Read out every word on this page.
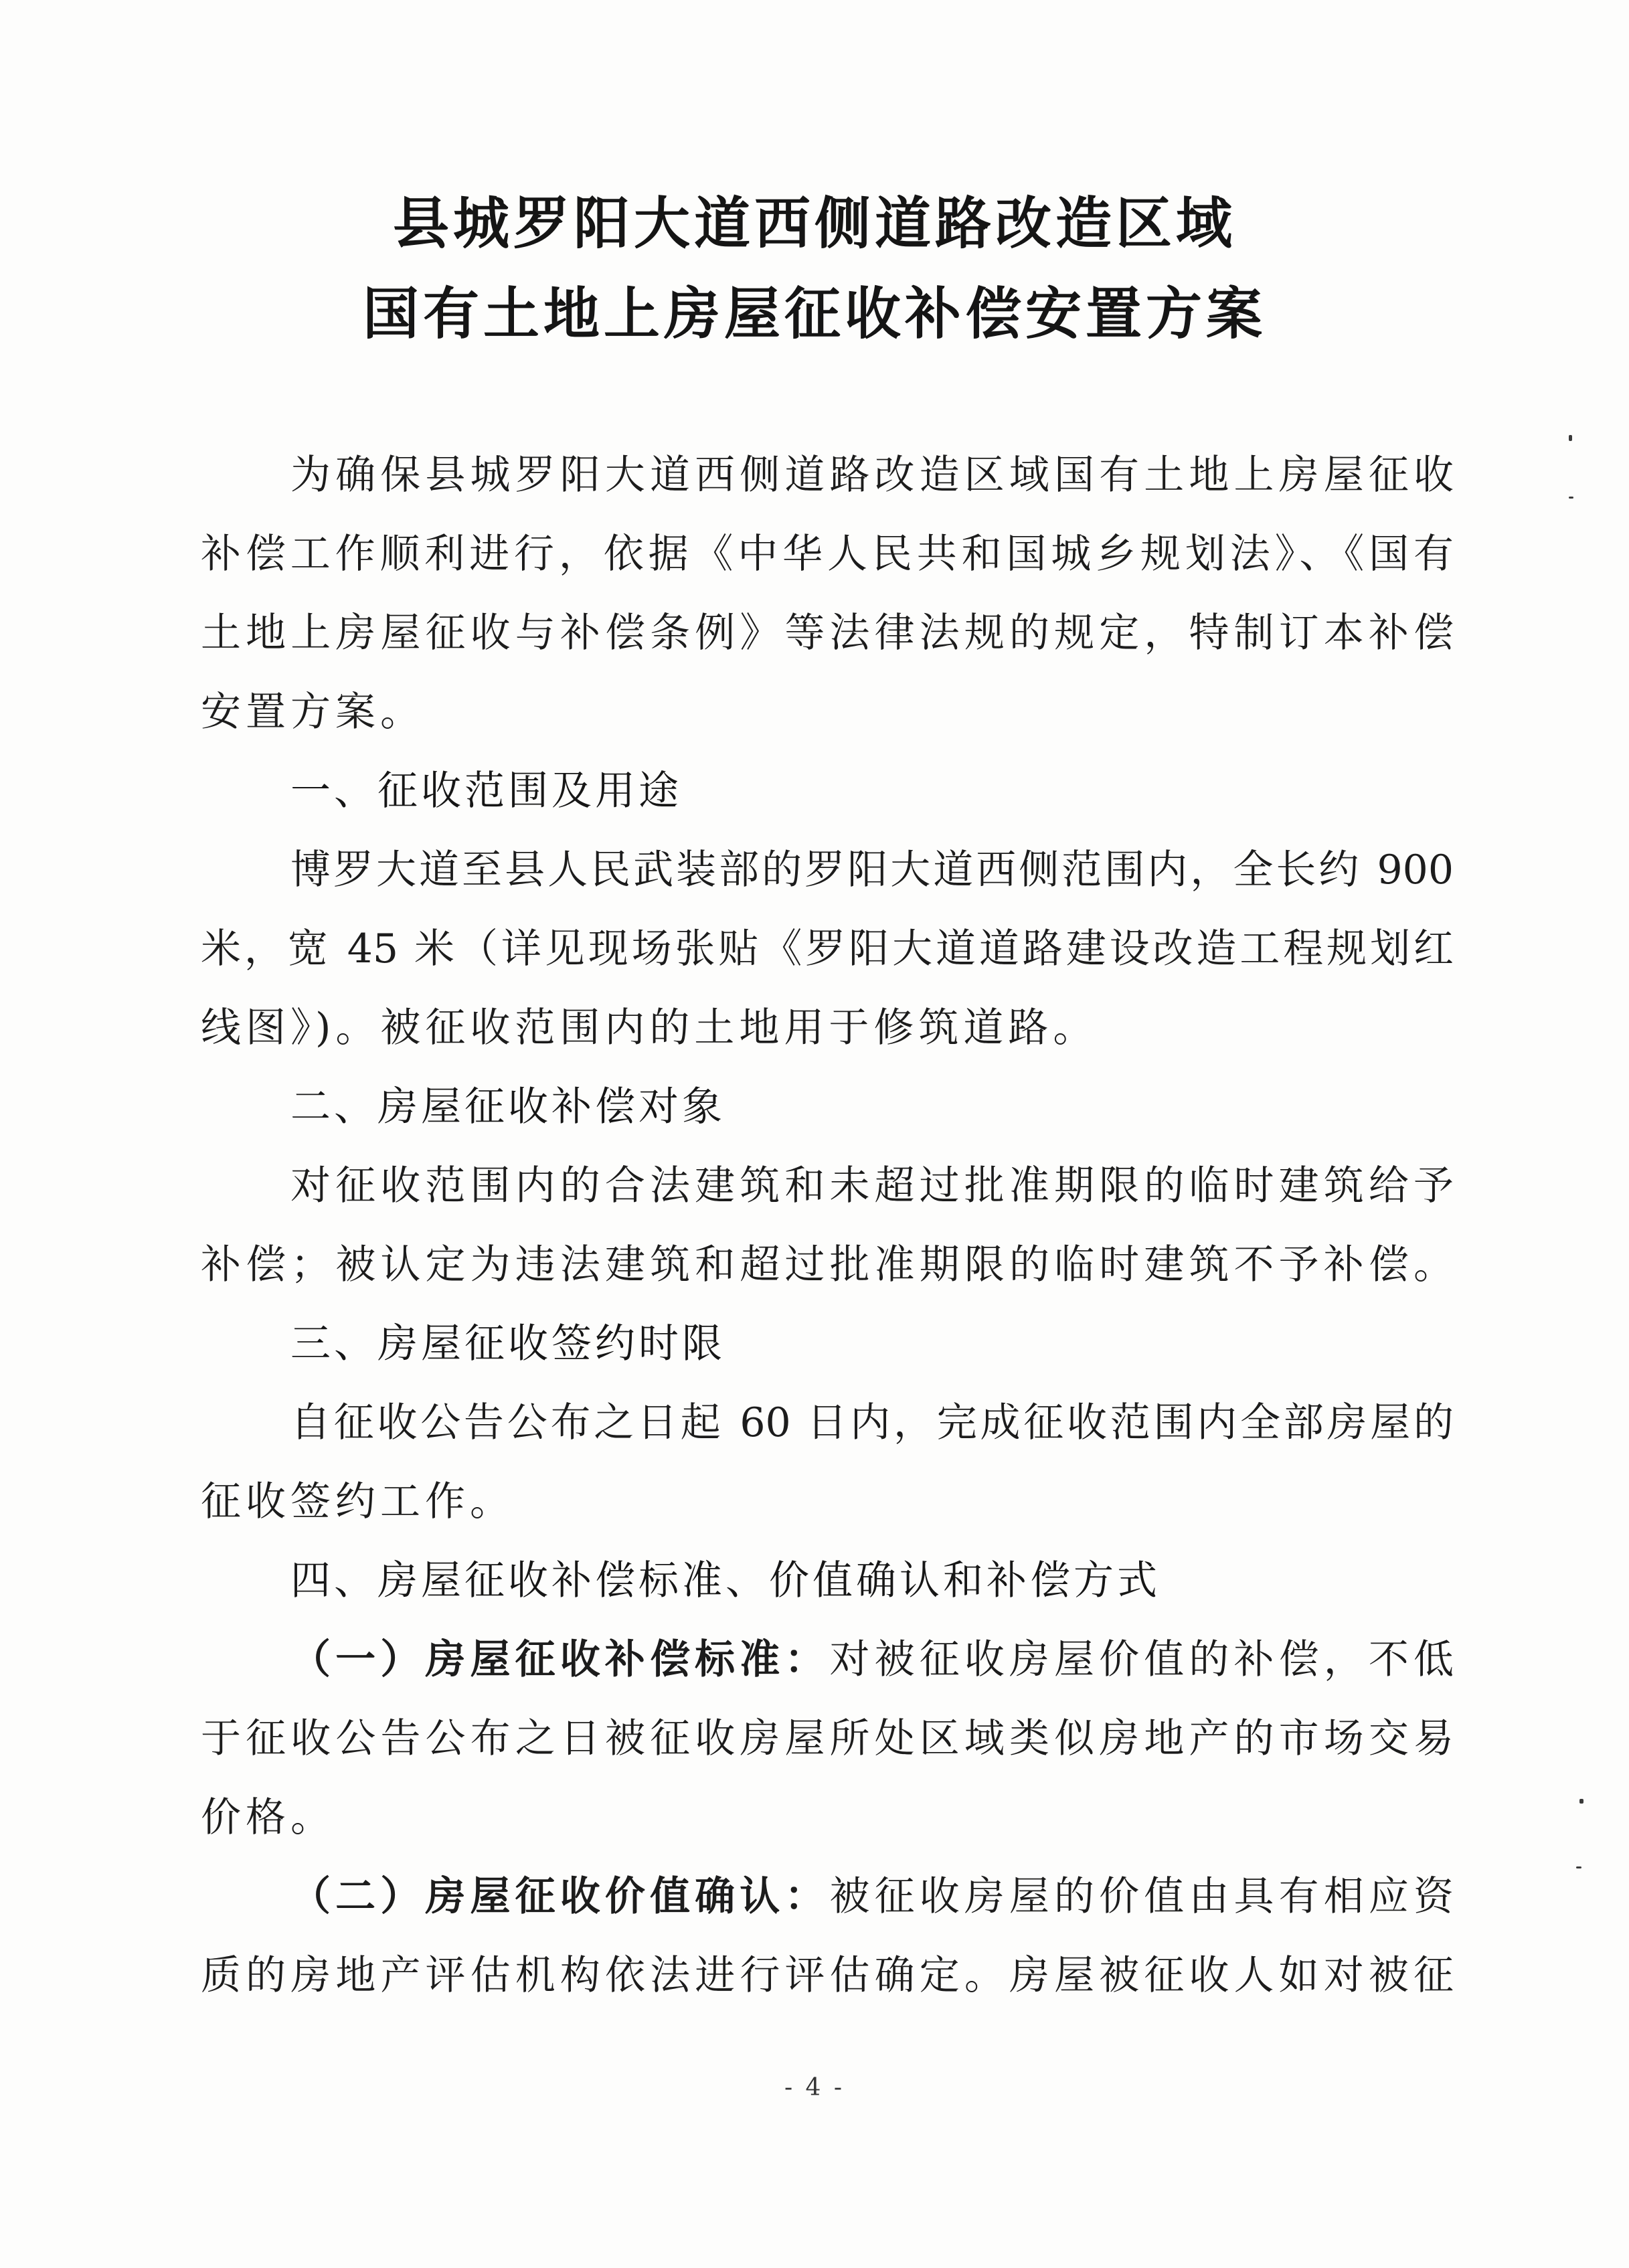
县城罗阳大道西侧道路改造区域
国有土地上房屋征收补偿安置方案
为确保县城罗阳大道西侧道路改造区域国有土地上房屋征收
补偿工作顺利进行，依据《中华人民共和国城乡规划法》、《国有
土地上房屋征收与补偿条例》等法律法规的规定，特制订本补偿
安置方案。
一、征收范围及用途
博罗大道至县人民武装部的罗阳大道西侧范围内，全长约 900
米，宽 45 米（详见现场张贴《罗阳大道道路建设改造工程规划红
线图》)。被征收范围内的土地用于修筑道路。
二、房屋征收补偿对象
对征收范围内的合法建筑和未超过批准期限的临时建筑给予
补偿；被认定为违法建筑和超过批准期限的临时建筑不予补偿。
三、房屋征收签约时限
自征收公告公布之日起 60 日内，完成征收范围内全部房屋的
征收签约工作。
四、房屋征收补偿标准、价值确认和补偿方式
（一）房屋征收补偿标准：对被征收房屋价值的补偿，不低
于征收公告公布之日被征收房屋所处区域类似房地产的市场交易
价格。
（二）房屋征收价值确认：被征收房屋的价值由具有相应资
质的房地产评估机构依法进行评估确定。房屋被征收人如对被征
- 4 -
